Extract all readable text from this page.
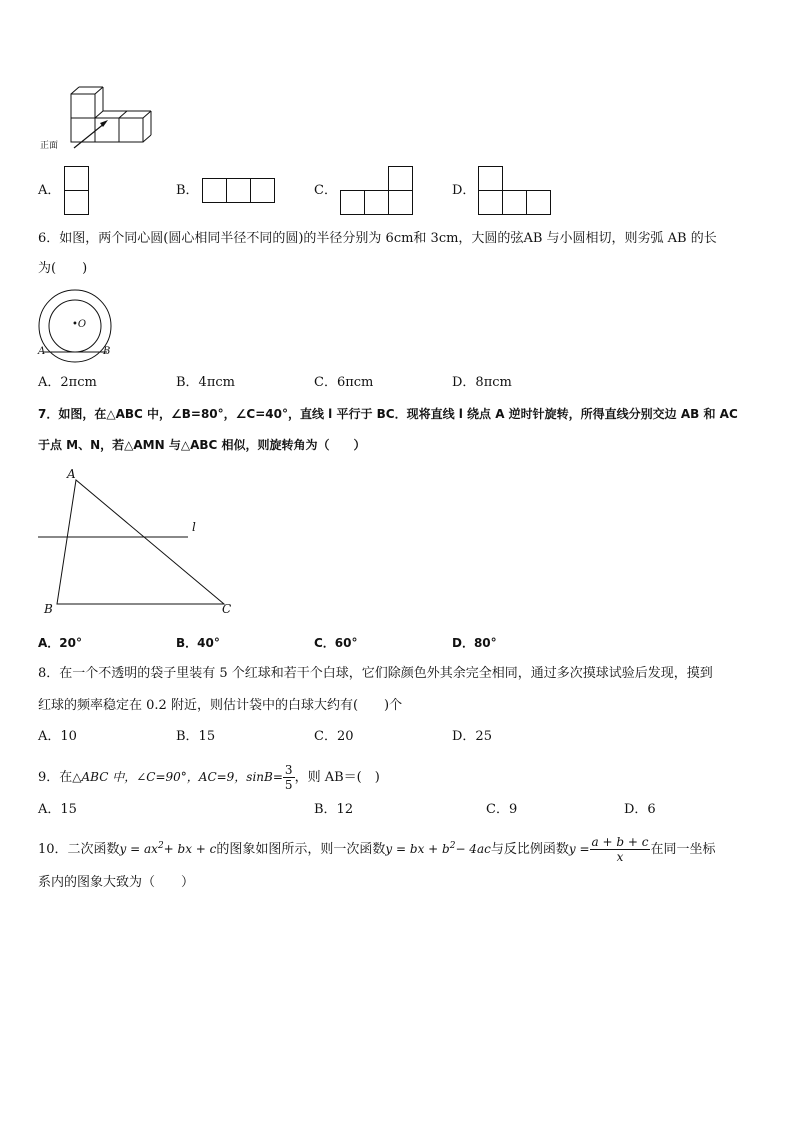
正面
A．	B．	C．	D．
6．如图，两个同心圆(圆心相同半径不同的圆)的半径分别为 6cm和 3cm，大圆的弦AB 与小圆相切，则劣弧 AB 的长
为(　　)
•O
A	B
A．2πcm	B．4πcm	C．6πcm	D．8πcm
7．如图，在△ABC 中，∠B=80°，∠C=40°，直线 l 平行于 BC．现将直线 l 绕点 A 逆时针旋转，所得直线分别交边 AB 和 AC
于点 M、N，若△AMN 与△ABC 相似，则旋转角为（　　）
A
B	C
l
A．20°	B．40°	C．60°	D．80°
8．在一个不透明的袋子里装有 5 个红球和若干个白球，它们除颜色外其余完全相同，通过多次摸球试验后发现，摸到
红球的频率稳定在 0.2 附近，则估计袋中的白球大约有(　　)个
A．10	B．15	C．20	D．25
9．在△ABC 中，∠C=90°，AC=9，$\sin B= \frac{3}{5}$ ，则 AB＝(　)
A．15	B．12	C．9	D．6
10．二次函数$y = ax^2+$ bx + c的图象如图所示，则一次函数y = bx + $b^2- 4ac$与反比例函数$y = \frac{a + b + c}{x}$ 在同一坐标
系内的图象大致为（　　）
